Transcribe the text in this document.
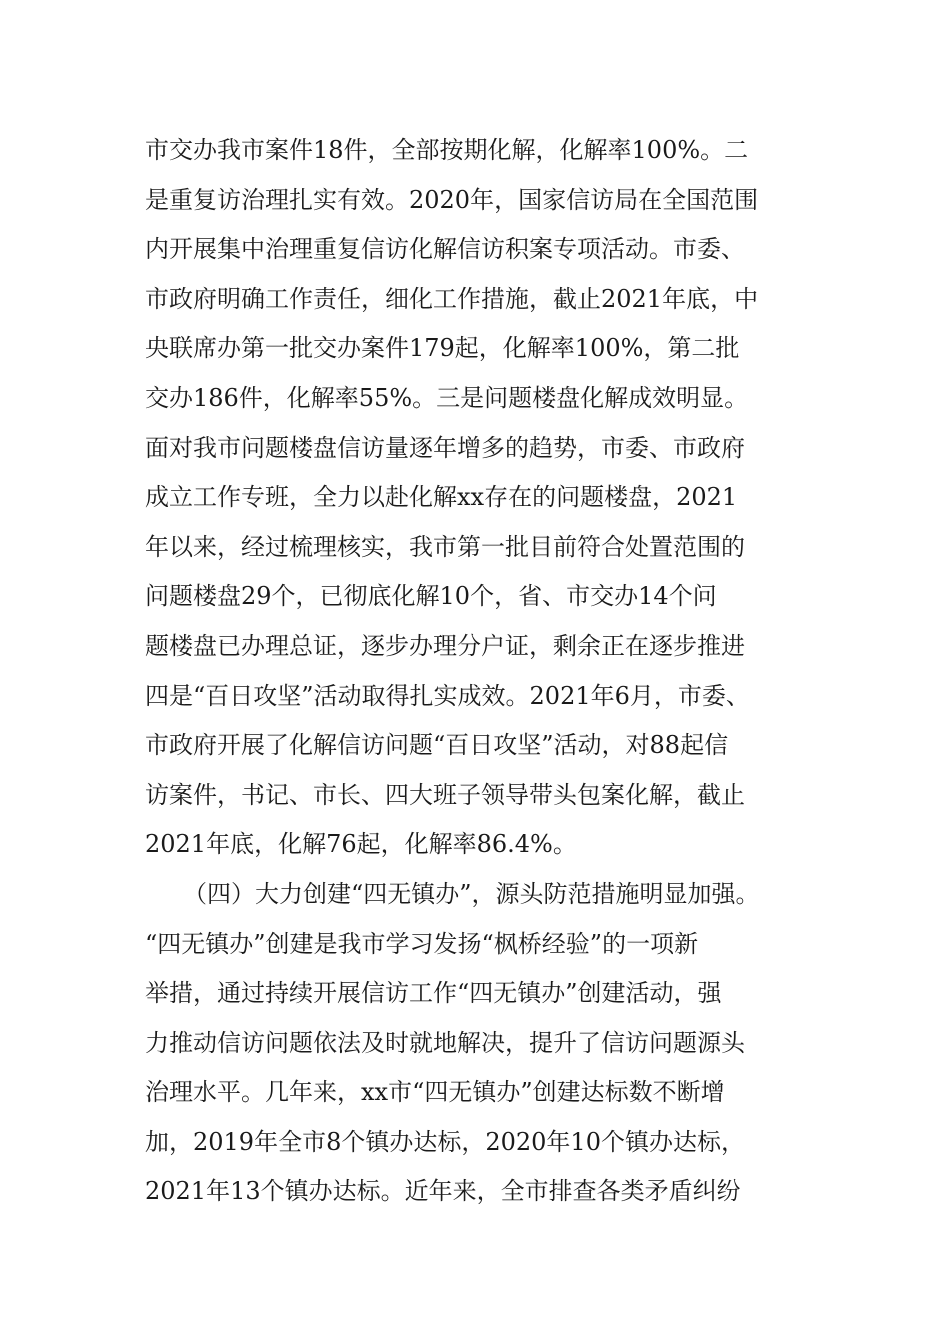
市交办我市案件18件，全部按期化解，化解率100%。二
是重复访治理扎实有效。2020年，国家信访局在全国范围
内开展集中治理重复信访化解信访积案专项活动。市委、
市政府明确工作责任，细化工作措施，截止2021年底，中
央联席办第一批交办案件179起，化解率100%，第二批
交办186件，化解率55%。三是问题楼盘化解成效明显。
面对我市问题楼盘信访量逐年增多的趋势，市委、市政府
成立工作专班，全力以赴化解xx存在的问题楼盘，2021
年以来，经过梳理核实，我市第一批目前符合处置范围的
问题楼盘29个，已彻底化解10个，省、市交办14个问
题楼盘已办理总证，逐步办理分户证，剩余正在逐步推进
四是“百日攻坚”活动取得扎实成效。2021年6月，市委、
市政府开展了化解信访问题“百日攻坚”活动，对88起信
访案件，书记、市长、四大班子领导带头包案化解，截止
2021年底，化解76起，化解率86.4%。
（四）大力创建“四无镇办”，源头防范措施明显加强。
“四无镇办”创建是我市学习发扬“枫桥经验”的一项新
举措，通过持续开展信访工作“四无镇办”创建活动，强
力推动信访问题依法及时就地解决，提升了信访问题源头
治理水平。几年来，xx市“四无镇办”创建达标数不断增
加，2019年全市8个镇办达标，2020年10个镇办达标，
2021年13个镇办达标。近年来，全市排查各类矛盾纠纷
